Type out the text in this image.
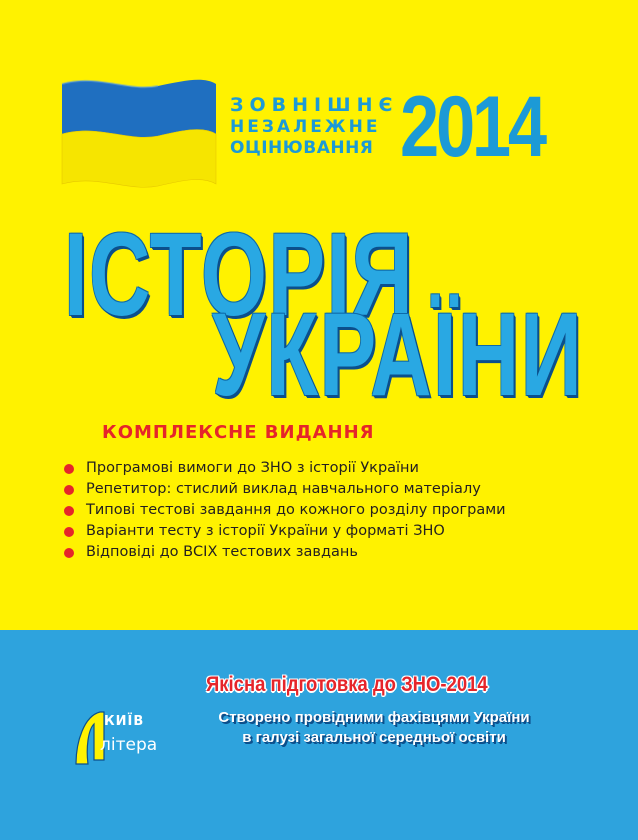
ЗОВНІШНЄ
НЕЗАЛЕЖНЕ
ОЦІНЮВАННЯ 2014
ІСТОРІЯ
УКРАЇНИ
КОМПЛЕКСНЕ ВИДАННЯ
Програмові вимоги до ЗНО з історії України
Репетитор: стислий виклад навчального матеріалу
Типові тестові завдання до кожного розділу програми
Варіанти тесту з історії України у форматі ЗНО
Відповіді до ВСІХ тестових завдань
КИЇВ
літера
Якісна підготовка до ЗНО-2014
Створено провідними фахівцями України
в галузі загальної середньої освіти
